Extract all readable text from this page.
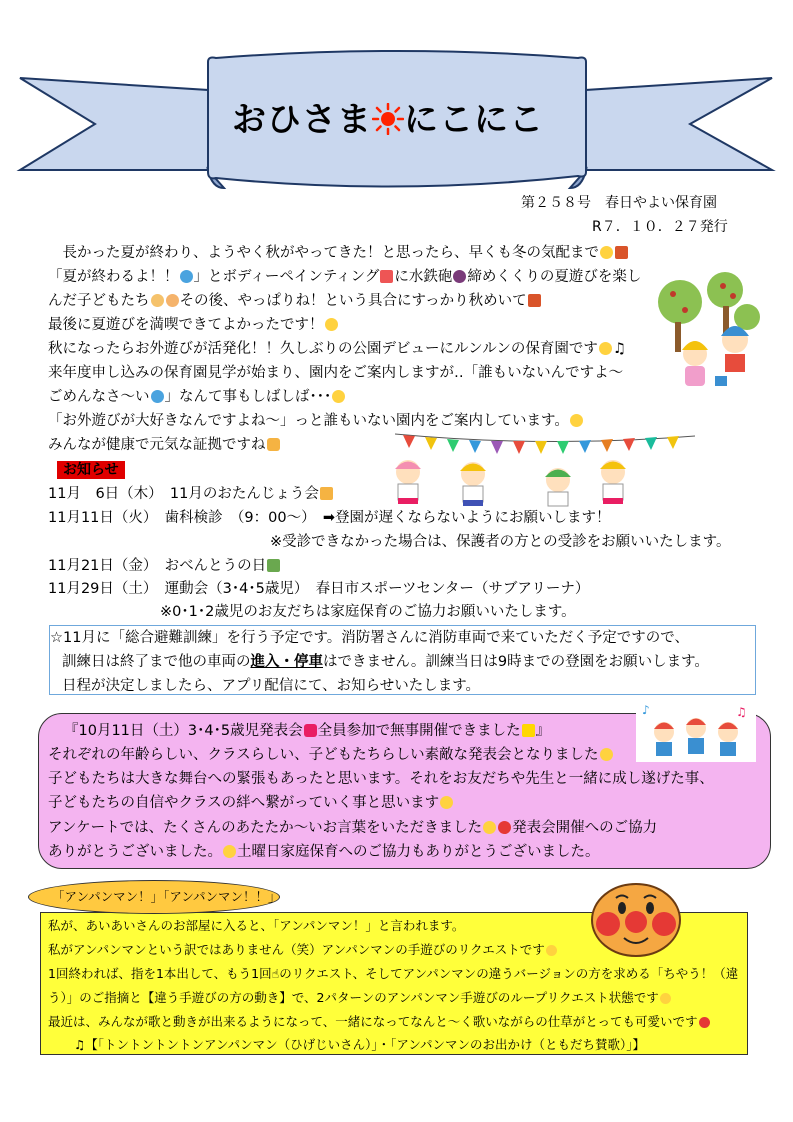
おひさま にこにこ
第２５８号　春日やよい保育園
R７．１０．２７発行
　長かった夏が終わり、ようやく秋がやってきた！と思ったら、早くも冬の気配まで
「夏が終わるよ！！ 」とボディーペインティング に水鉄砲 締めくくりの夏遊びを楽し
んだ子どもたち その後、やっぱりね！という具合にすっかり秋めいて
最後に夏遊びを満喫できてよかったです！
秋になったらお外遊びが活発化！！久しぶりの公園デビューにルンルンの保育園です ♫
来年度申し込みの保育園見学が始まり、園内をご案内しますが‥「誰もいないんですよ～
ごめんなさ～い 」なんて事もしばしば･･･
「お外遊びが大好きなんですよね～」っと誰もいない園内をご案内しています。
みんなが健康で元気な証拠ですね
お知らせ
11月　6日（木）　11月のおたんじょう会
11月11日（火）　歯科検診　（9：00～）　 ➡登園が遅くならないようにお願いします！
※受診できなかった場合は、保護者の方との受診をお願いいたします。
11月21日（金）　おべんとうの日
11月29日（土）　運動会（3･4･5歳児）　春日市スポーツセンター（サブアリーナ）
※0･1･2歳児のお友だちは家庭保育のご協力お願いいたします。
☆11月に「総合避難訓練」を行う予定です。消防署さんに消防車両で来ていただく予定ですので、
訓練日は終了まで他の車両の進入・停車はできません。訓練当日は9時までの登園をお願いします。
日程が決定しましたら、アプリ配信にて、お知らせいたします。
♪	♫
『10月11日（土）3･4･5歳児発表会 全員参加で無事開催できました 』
それぞれの年齢らしい、クラスらしい、子どもたちらしい素敵な発表会となりました
子どもたちは大きな舞台への緊張もあったと思います。それをお友だちや先生と一緒に成し遂げた事、
子どもたちの自信やクラスの絆へ繋がっていく事と思います
アンケートでは、たくさんのあたたか～いお言葉をいただきました 発表会開催へのご協力
ありがとうございました。 土曜日家庭保育へのご協力もありがとうございました。
「アンパンマン！」「アンパンマン！！」
私が、あいあいさんのお部屋に入ると、「アンパンマン！」と言われます。
私がアンパンマンという訳ではありません（笑）アンパンマンの手遊びのリクエストです
1回終われば、指を1本出して、もう1回☝のリクエスト、そしてアンパンマンの違うバージョンの方を求める「ちやう！（違
う）」のご指摘と【違う手遊びの方の動き】で、2パターンのアンパンマン手遊びのループリクエスト状態です
最近は、みんなが歌と動きが出来るようになって、一緒になってなんと～く歌いながらの仕草がとっても可愛いです
♫【「トントントントンアンパンマン（ひげじいさん）」・「アンパンマンのお出かけ（ともだち賛歌）」】
